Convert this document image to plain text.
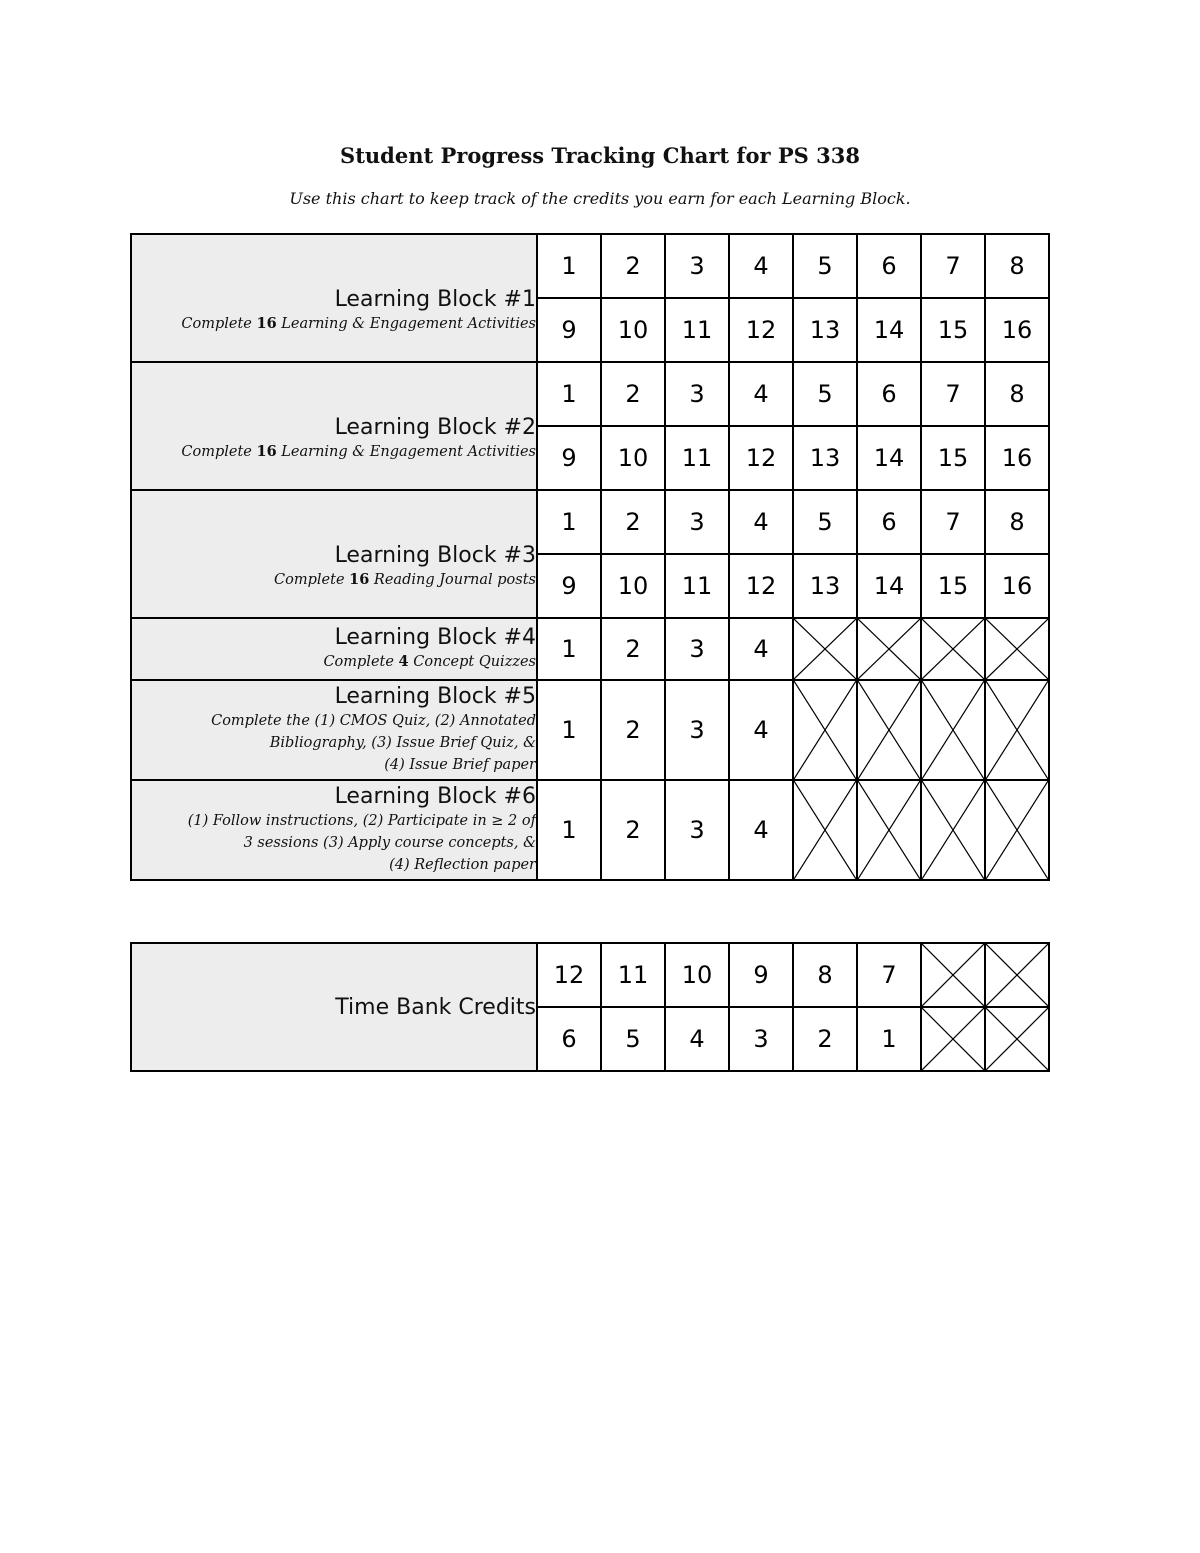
Student Progress Tracking Chart for PS 338
Use this chart to keep track of the credits you earn for each Learning Block.
Learning Block #1
Complete 16 Learning & Engagement Activities	1	2	3	4	5	6	7	8
	9	10	11	12	13	14	15	16

Learning Block #2
Complete 16 Learning & Engagement Activities	1	2	3	4	5	6	7	8
	9	10	11	12	13	14	15	16

Learning Block #3
Complete 16 Reading Journal posts	1	2	3	4	5	6	7	8
	9	10	11	12	13	14	15	16

Learning Block #4
Complete 4 Concept Quizzes	1	2	3	4	

Learning Block #5
Complete the (1) CMOS Quiz, (2) Annotated
Bibliography, (3) Issue Brief Quiz, &
(4) Issue Brief paper	1	2	3	4	

Learning Block #6
(1) Follow instructions, (2) Participate in ≥ 2 of
3 sessions (3) Apply course concepts, &
(4) Reflection paper	1	2	3	4	

Time Bank Credits	12	11	10	9	8	7	

	6	5	4	3	2	1	
